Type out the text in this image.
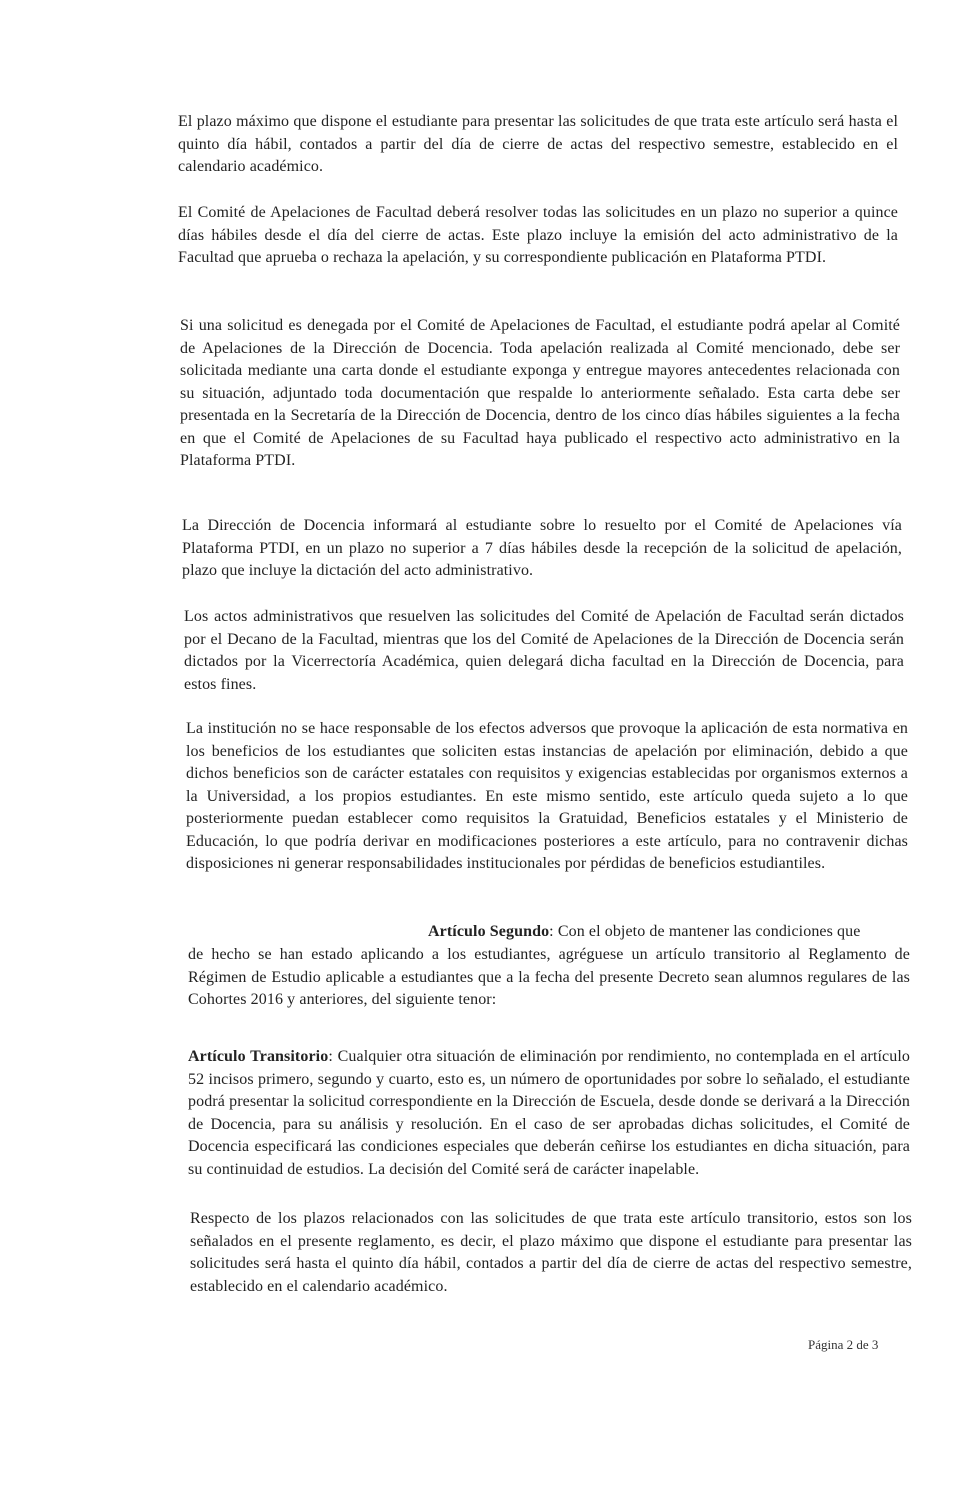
El plazo máximo que dispone el estudiante para presentar las solicitudes de que trata este artículo será hasta el quinto día hábil, contados a partir del día de cierre de actas del respectivo semestre, establecido en el calendario académico.

El Comité de Apelaciones de Facultad deberá resolver todas las solicitudes en un plazo no superior a quince días hábiles desde el día del cierre de actas. Este plazo incluye la emisión del acto administrativo de la Facultad que aprueba o rechaza la apelación, y su correspondiente publicación en Plataforma PTDI.

Si una solicitud es denegada por el Comité de Apelaciones de Facultad, el estudiante podrá apelar al Comité de Apelaciones de la Dirección de Docencia. Toda apelación realizada al Comité mencionado, debe ser solicitada mediante una carta donde el estudiante exponga y entregue mayores antecedentes relacionada con su situación, adjuntado toda documentación que respalde lo anteriormente señalado. Esta carta debe ser presentada en la Secretaría de la Dirección de Docencia, dentro de los cinco días hábiles siguientes a la fecha en que el Comité de Apelaciones de su Facultad haya publicado el respectivo acto administrativo en la Plataforma PTDI.

La Dirección de Docencia informará al estudiante sobre lo resuelto por el Comité de Apelaciones vía Plataforma PTDI, en un plazo no superior a 7 días hábiles desde la recepción de la solicitud de apelación, plazo que incluye la dictación del acto administrativo.

Los actos administrativos que resuelven las solicitudes del Comité de Apelación de Facultad serán dictados por el Decano de la Facultad, mientras que los del Comité de Apelaciones de la Dirección de Docencia serán dictados por la Vicerrectoría Académica, quien delegará dicha facultad en la Dirección de Docencia, para estos fines.

La institución no se hace responsable de los efectos adversos que provoque la aplicación de esta normativa en los beneficios de los estudiantes que soliciten estas instancias de apelación por eliminación, debido a que dichos beneficios son de carácter estatales con requisitos y exigencias establecidas por organismos externos a la Universidad, a los propios estudiantes. En este mismo sentido, este artículo queda sujeto a lo que posteriormente puedan establecer como requisitos la Gratuidad, Beneficios estatales y el Ministerio de Educación, lo que podría derivar en modificaciones posteriores a este artículo, para no contravenir dichas disposiciones ni generar responsabilidades institucionales por pérdidas de beneficios estudiantiles.

Artículo Segundo: Con el objeto de mantener las condiciones que

de hecho se han estado aplicando a los estudiantes, agréguese un artículo transitorio al Reglamento de Régimen de Estudio aplicable a estudiantes que a la fecha del presente Decreto sean alumnos regulares de las Cohortes 2016 y anteriores, del siguiente tenor:

Artículo Transitorio: Cualquier otra situación de eliminación por rendimiento, no contemplada en el artículo 52 incisos primero, segundo y cuarto, esto es, un número de oportunidades por sobre lo señalado, el estudiante podrá presentar la solicitud correspondiente en la Dirección de Escuela, desde donde se derivará a la Dirección de Docencia, para su análisis y resolución. En el caso de ser aprobadas dichas solicitudes, el Comité de Docencia especificará las condiciones especiales que deberán ceñirse los estudiantes en dicha situación, para su continuidad de estudios. La decisión del Comité será de carácter inapelable.

Respecto de los plazos relacionados con las solicitudes de que trata este artículo transitorio, estos son los señalados en el presente reglamento, es decir, el plazo máximo que dispone el estudiante para presentar las solicitudes será hasta el quinto día hábil, contados a partir del día de cierre de actas del respectivo semestre, establecido en el calendario académico.

Página 2 de 3
